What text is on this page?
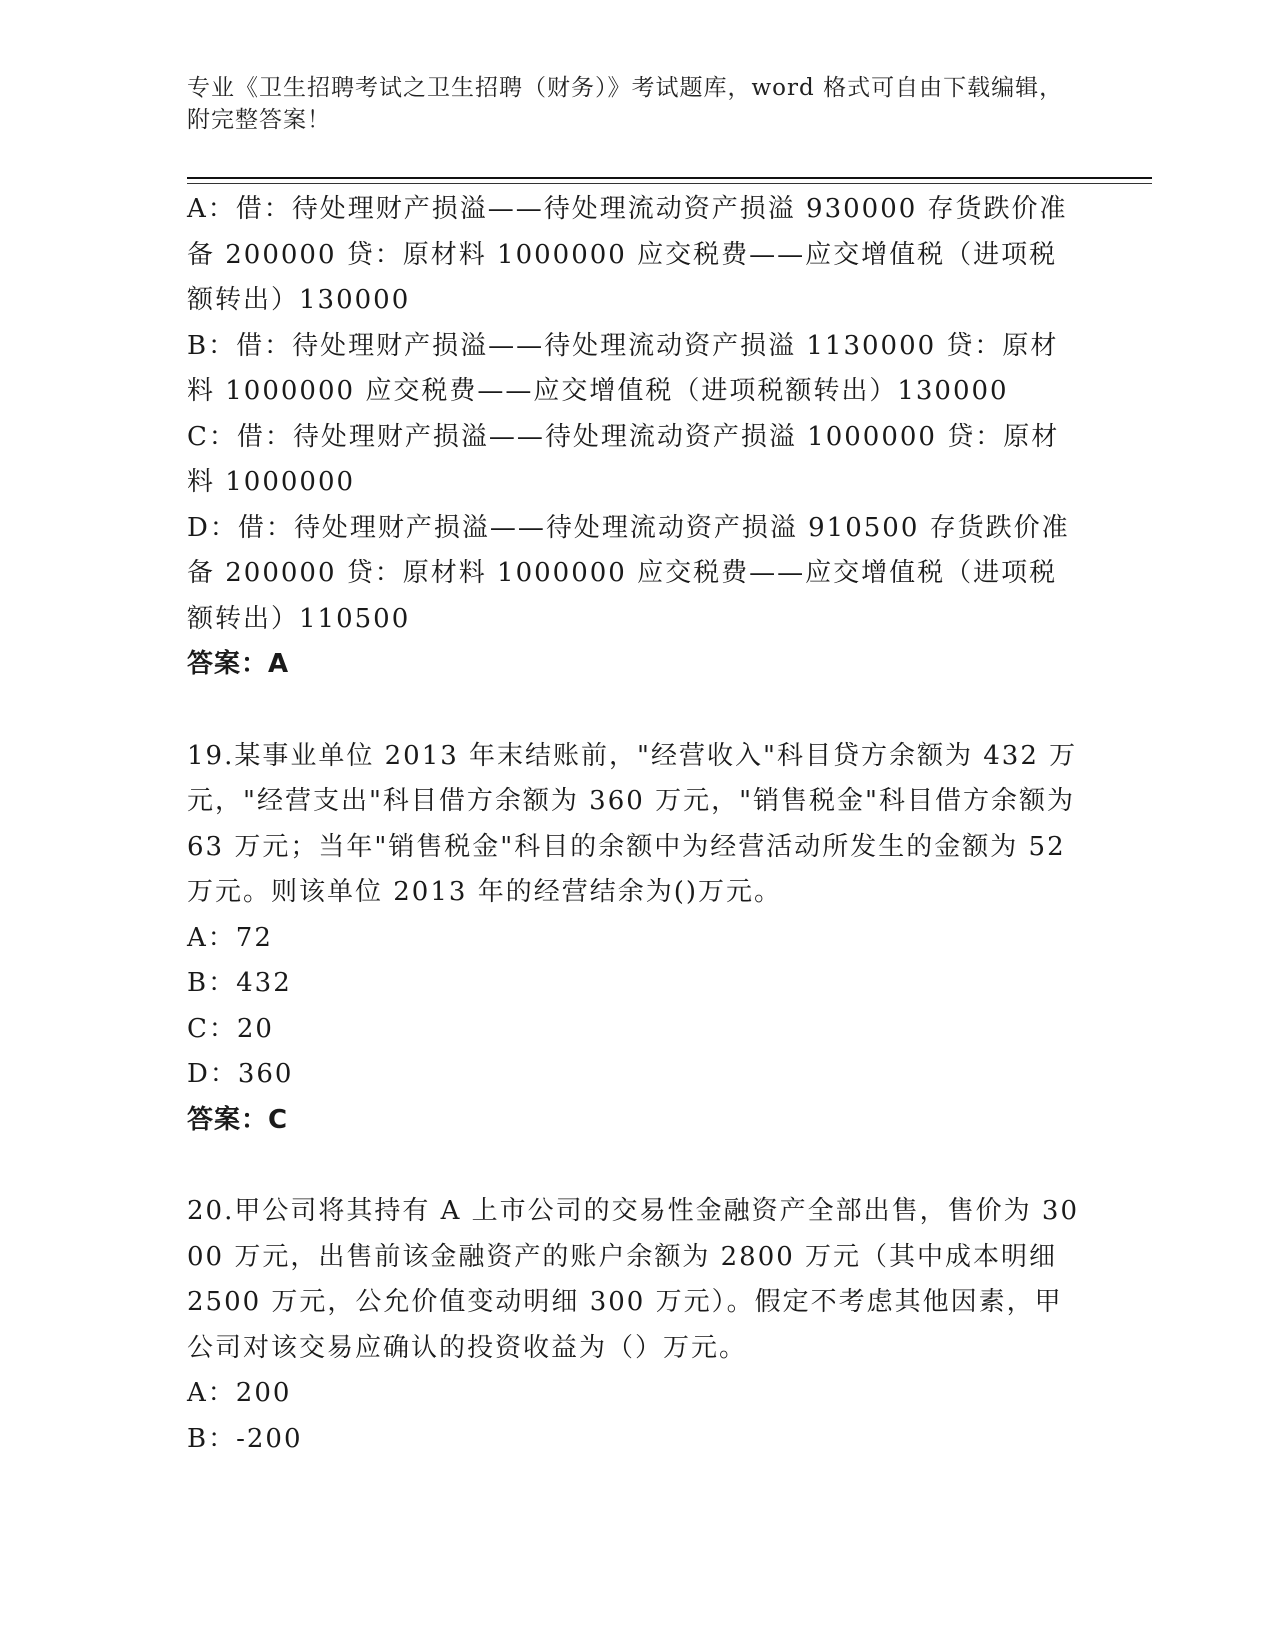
专业《卫生招聘考试之卫生招聘（财务）》考试题库，word 格式可自由下载编辑，附完整答案！

A：借：待处理财产损溢——待处理流动资产损溢 930000 存货跌价准备 200000 贷：原材料 1000000 应交税费——应交增值税（进项税额转出）130000

B：借：待处理财产损溢——待处理流动资产损溢 1130000 贷：原材料 1000000 应交税费——应交增值税（进项税额转出）130000

C：借：待处理财产损溢——待处理流动资产损溢 1000000 贷：原材料 1000000

D：借：待处理财产损溢——待处理流动资产损溢 910500 存货跌价准备 200000 贷：原材料 1000000 应交税费——应交增值税（进项税额转出）110500

答案：A

19.某事业单位 2013 年末结账前，"经营收入"科目贷方余额为 432 万元，"经营支出"科目借方余额为 360 万元，"销售税金"科目借方余额为 63 万元；当年"销售税金"科目的余额中为经营活动所发生的金额为 52 万元。则该单位 2013 年的经营结余为()万元。

A：72

B：432

C：20

D：360

答案：C

20.甲公司将其持有 A 上市公司的交易性金融资产全部出售，售价为 3000 万元，出售前该金融资产的账户余额为 2800 万元（其中成本明细 2500 万元，公允价值变动明细 300 万元）。假定不考虑其他因素，甲公司对该交易应确认的投资收益为（）万元。

A：200

B：-200
